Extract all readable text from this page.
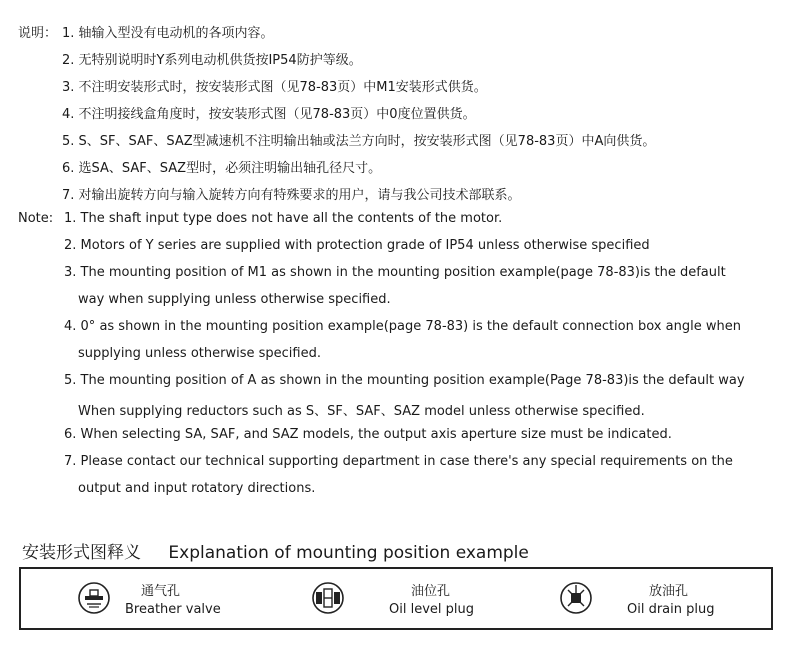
说明： 1. 轴输入型没有电动机的各项内容。
2. 无特别说明时Y系列电动机供货按IP54防护等级。
3. 不注明安装形式时，按安装形式图（见78-83页）中M1安装形式供货。
4. 不注明接线盒角度时，按安装形式图（见78-83页）中0度位置供货。
5. S、SF、SAF、SAZ型减速机不注明输出轴或法兰方向时，按安装形式图（见78-83页）中A向供货。
6. 选SA、SAF、SAZ型时，必须注明输出轴孔径尺寸。
7. 对输出旋转方向与输入旋转方向有特殊要求的用户，请与我公司技术部联系。
Note: 1. The shaft input type does not have all the contents of the motor.
2. Motors of Y series are supplied with protection grade of IP54 unless otherwise specified
3. The mounting position of M1 as shown in the mounting position example(page 78-83)is the default
way when supplying unless otherwise specified.
4. 0° as shown in the mounting position example(page 78-83) is the default connection box angle when
supplying unless otherwise specified.
5. The mounting position of A as shown in the mounting position example(Page 78-83)is the default way
When supplying reductors such as S、SF、SAF、SAZ model unless otherwise specified.
6. When selecting SA, SAF, and SAZ models, the output axis aperture size must be indicated.
7. Please contact our technical supporting department in case there's any special requirements on the
output and input rotatory directions.
安装形式图释义 Explanation of mounting position example
通气孔
Breather valve
油位孔
Oil level plug
放油孔
Oil drain plug
